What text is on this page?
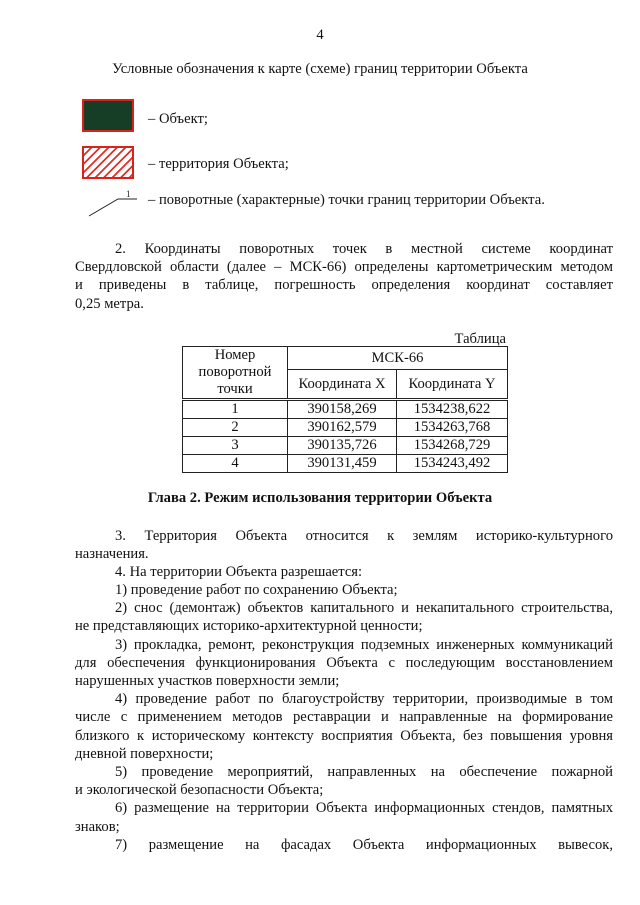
4
Условные обозначения к карте (схеме) границ территории Объекта
– Объект;
– территория Объекта;
1 – поворотные (характерные) точки границ территории Объекта.
2. Координаты поворотных точек в местной системе координат
Свердловской области (далее – МСК-66) определены картометрическим методом
и приведены в таблице, погрешность определения координат составляет
0,25 метра.
Таблица
Номер
поворотной
точки	МСК-66	
	Координата X	Координата Y
1	390158,269	1534238,622
2	390162,579	1534263,768
3	390135,726	1534268,729
4	390131,459	1534243,492
Глава 2. Режим использования территории Объекта
3. Территория Объекта относится к землям историко-культурного
назначения.
4. На территории Объекта разрешается:
1) проведение работ по сохранению Объекта;
2) снос (демонтаж) объектов капитального и некапитального строительства,
не представляющих историко-архитектурной ценности;
3) прокладка, ремонт, реконструкция подземных инженерных коммуникаций
для обеспечения функционирования Объекта с последующим восстановлением
нарушенных участков поверхности земли;
4) проведение работ по благоустройству территории, производимые в том
числе с применением методов реставрации и направленные на формирование
близкого к историческому контексту восприятия Объекта, без повышения уровня
дневной поверхности;
5) проведение мероприятий, направленных на обеспечение пожарной
и экологической безопасности Объекта;
6) размещение на территории Объекта информационных стендов, памятных
знаков;
7) размещение на фасадах Объекта информационных вывесок,
